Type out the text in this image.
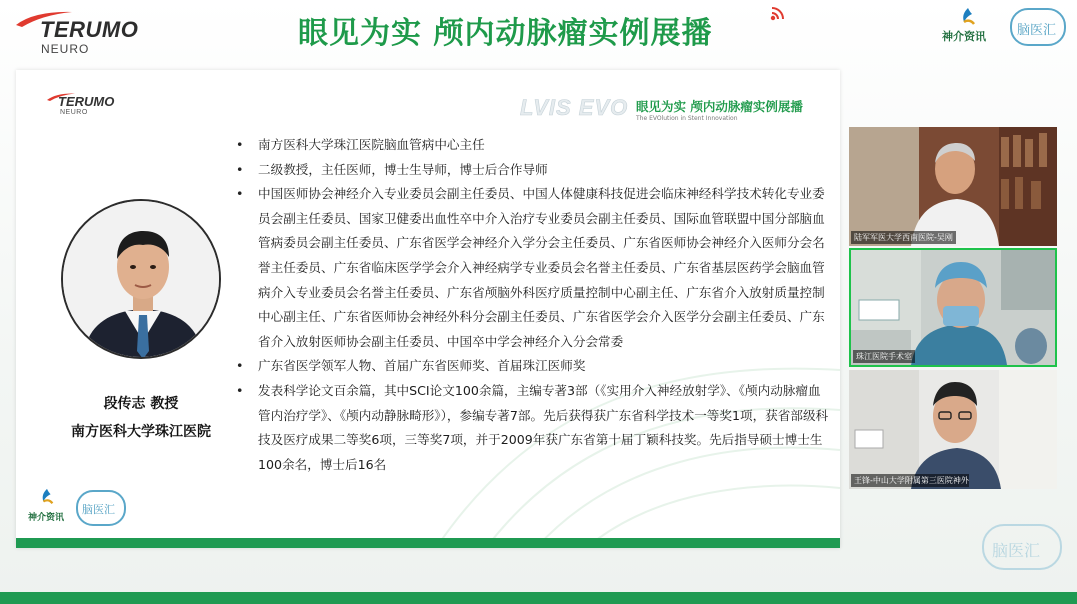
TERUMO
NEURO	眼见为实 颅内动脉瘤实例展播	神介资讯 脑医汇
TERUMO
NEURO	LVIS EVO 眼见为实 颅内动脉瘤实例展播
The EVOlution in Stent Innovation
段传志 教授
南方医科大学珠江医院
• 南方医科大学珠江医院脑血管病中心主任
• 二级教授，主任医师，博士生导师，博士后合作导师
• 中国医师协会神经介入专业委员会副主任委员、中国人体健康科技促进会临床神经科学技术转化专业委员会副主任委员、国家卫健委出血性卒中介入治疗专业委员会副主任委员、国际血管联盟中国分部脑血管病委员会副主任委员、广东省医学会神经介入学分会主任委员、广东省医师协会神经介入医师分会名誉主任委员、广东省临床医学学会介入神经病学专业委员会名誉主任委员、广东省基层医药学会脑血管病介入专业委员会名誉主任委员、广东省颅脑外科医疗质量控制中心副主任、广东省介入放射质量控制中心副主任、广东省医师协会神经外科分会副主任委员、广东省医学会介入医学分会副主任委员、广东省介入放射医师协会副主任委员、中国卒中学会神经介入分会常委
• 广东省医学领军人物、首届广东省医师奖、首届珠江医师奖
• 发表科学论文百余篇，其中SCI论文100余篇，主编专著3部（《实用介入神经放射学》、《颅内动脉瘤血管内治疗学》、《颅内动静脉畸形》），参编专著7部。先后获得获广东省科学技术一等奖1项，获省部级科技及医疗成果二等奖6项，三等奖7项，并于2009年获广东省第十届丁颖科技奖。先后指导硕士博士生100余名，博士后16名
神介资讯
脑医汇
陆军军医大学西南医院-吴刚
珠江医院手术室
王锋-中山大学附属第三医院神外
脑医汇
